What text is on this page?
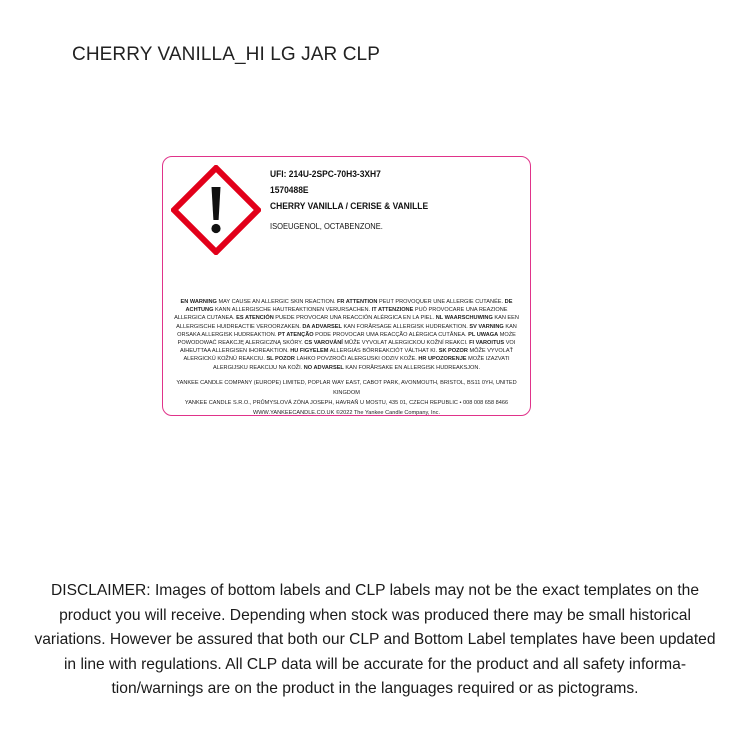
CHERRY VANILLA_HI LG JAR CLP
UFI: 214U-2SPC-70H3-3XH7
1570488E
CHERRY VANILLA / CERISE & VANILLE
ISOEUGENOL, OCTABENZONE.
EN WARNING MAY CAUSE AN ALLERGIC SKIN REACTION. FR ATTENTION PEUT PROVOQUER UNE ALLERGIE CUTANÉE. DE ACHTUNG KANN ALLERGISCHE HAUTREAKTIONEN VERURSACHEN. IT ATTENZIONE PUÒ PROVOCARE UNA REAZIONE ALLERGICA CUTANEA. ES ATENCIÓN PUEDE PROVOCAR UNA REACCIÓN ALÉRGICA EN LA PIEL. NL WAARSCHUWING KAN EEN ALLERGISCHE HUIDREACTIE VEROORZAKEN. DA ADVARSEL KAN FORÅRSAGE ALLERGISK HUDREAKTION. SV VARNING KAN ORSAKA ALLERGISK HUDREAKTION. PT ATENÇÃO PODE PROVOCAR UMA REACÇÃO ALÉRGICA CUTÂNEA. PL UWAGA MOŻE POWODOWAĆ REAKCJĘ ALERGICZNĄ SKÓRY. CS VAROVÁNÍ MŮŽE VYVOLAT ALERGICKOU KOŽNÍ REAKCI. FI VAROITUS VOI AIHEUTTAA ALLERGISEN IHOREAKTION. HU FIGYELEM ALLERGIÁS BŐRREAKCIÓT VÁLTHAT KI. SK POZOR MÔŽE VYVOLAŤ ALERGICKÚ KOŽNÚ REAKCIU. SL POZOR LAHKO POVZROČI ALERGIJSKI ODZIV KOŽE. HR UPOZORENJE MOŽE IZAZVATI ALERGIJSKU REAKCIJU NA KOŽI. NO ADVARSEL KAN FORÅRSAKE EN ALLERGISK HUDREAKSJON.
YANKEE CANDLE COMPANY (EUROPE) LIMITED, POPLAR WAY EAST, CABOT PARK, AVONMOUTH, BRISTOL, BS11 0YH, UNITED KINGDOM
YANKEE CANDLE S.R.O., PRŮMYSLOVÁ ZÓNA JOSEPH, HAVRAŇ U MOSTU, 435 01, CZECH REPUBLIC • 008 008 658 8466
WWW.YANKEECANDLE.CO.UK ©2022 The Yankee Candle Company, Inc.
DISCLAIMER: Images of bottom labels and CLP labels may not be the exact templates on the
product you will receive. Depending when stock was produced there may be small historical
variations. However be assured that both our CLP and Bottom Label templates have been updated
in line with regulations. All CLP data will be accurate for the product and all safety informa-
tion/warnings are on the product in the languages required or as pictograms.
